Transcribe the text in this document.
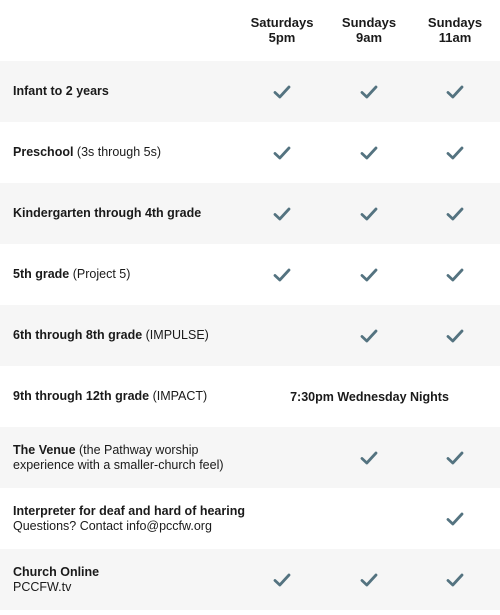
Saturdays
5pm
Sundays
9am
Sundays
11am
Infant to 2 years
Preschool (3s through 5s)
Kindergarten through 4th grade
5th grade (Project 5)
6th through 8th grade (IMPULSE)
9th through 12th grade (IMPACT)	7:30pm Wednesday Nights
The Venue (the Pathway worship
experience with a smaller-church feel)
Interpreter for deaf and hard of hearing
Questions? Contact info@pccfw.org
Church Online
PCCFW.tv
